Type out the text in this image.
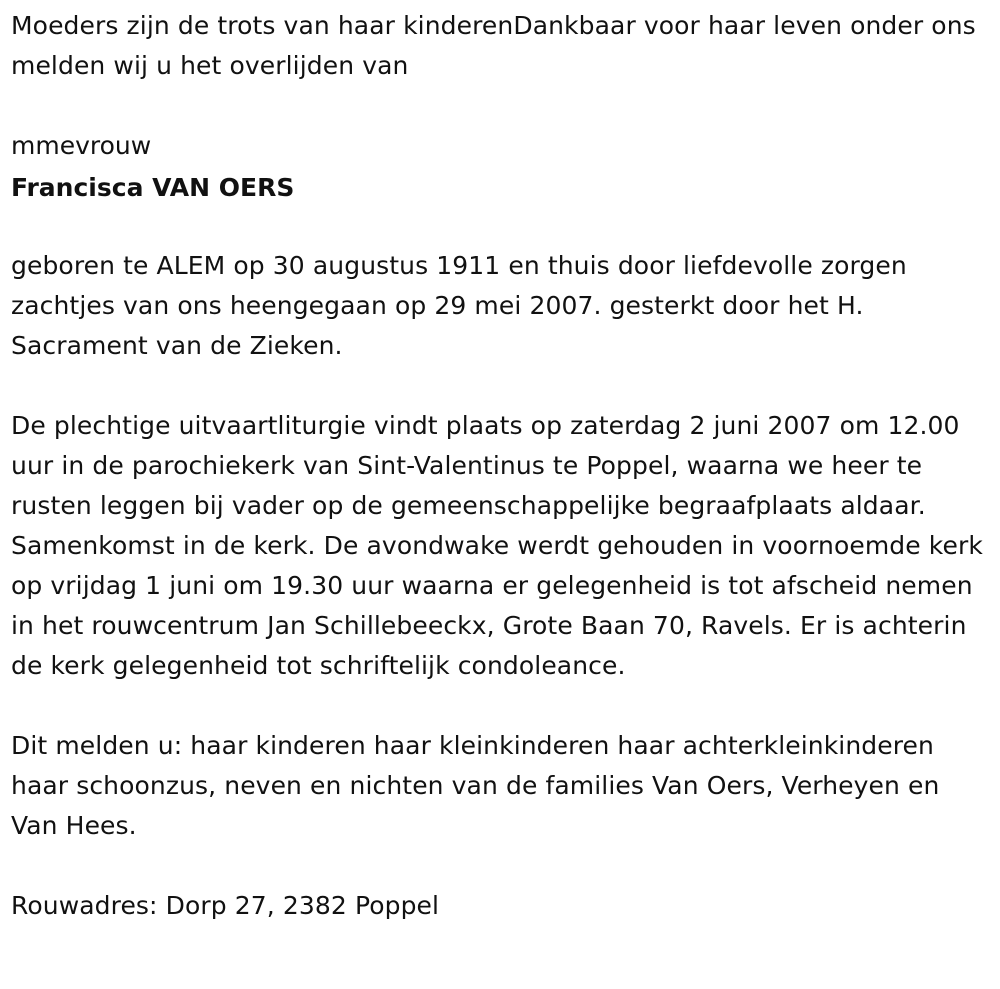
Moeders zijn de trots van haar kinderenDankbaar voor haar leven onder ons melden wij u het overlijden van

mmevrouw

Francisca VAN OERS

geboren te ALEM op 30 augustus 1911 en thuis door liefdevolle zorgen zachtjes van ons heengegaan op 29 mei 2007. gesterkt door het H. Sacrament van de Zieken.

De plechtige uitvaartliturgie vindt plaats op zaterdag 2 juni 2007 om 12.00 uur in de parochiekerk van Sint-Valentinus te Poppel, waarna we heer te rusten leggen bij vader op de gemeenschappelijke begraafplaats aldaar. Samenkomst in de kerk. De avondwake werdt gehouden in voornoemde kerk op vrijdag 1 juni om 19.30 uur waarna er gelegenheid is tot afscheid nemen in het rouwcentrum Jan Schillebeeckx, Grote Baan 70, Ravels. Er is achterin de kerk gelegenheid tot schriftelijk condoleance.

Dit melden u: haar kinderen haar kleinkinderen haar achterkleinkinderen haar schoonzus, neven en nichten van de families Van Oers, Verheyen en Van Hees.

Rouwadres: Dorp 27, 2382 Poppel
